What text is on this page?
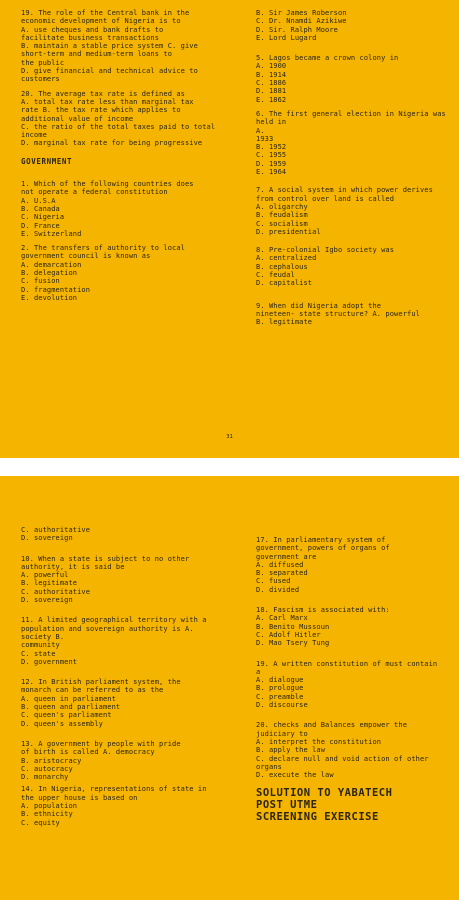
19. The role of the Central bank in the
economic development of Nigeria is to
A. use cheques and bank drafts to
facilitate business transactions
B. maintain a stable price system C. give
short-term and medium-term loans to
the public
D. give financial and technical advice to
customers
20. The average tax rate is defined as
A. total tax rate less than marginal tax
rate B. the tax rate which applies to
additional value of income
C. the ratio of the total taxes paid to total
income
D. marginal tax rate for being progressive
GOVERNMENT
1. Which of the following countries does
not operate a federal constitution
A. U.S.A
B. Canada
C. Nigeria
D. France
E. Switzerland
2. The transfers of authority to local
government council is known as
A. demarcation
B. delegation
C. fusion
D. fragmentation
E. devolution
B. Sir James Roberson
C. Dr. Nnamdi Azikiwe
D. Sir. Ralph Moore
E. Lord Lugard
5. Lagos became a crown colony in
A. 1900
B. 1914
C. 1886
D. 1881
E. 1862
6. The first general election in Nigeria was
held in
A.
1933
B. 1952
C. 1955
D. 1959
E. 1964
7. A social system in which power derives
from control over land is called
A. oligarchy
B. feudalism
C. socialism
D. presidential
8. Pre-colonial Igbo society was
A. centralized
B. cephalous
C. feudal
D. capitalist
9. When did Nigeria adopt the
nineteen- state structure? A. powerful
B. legitimate
31
C. authoritative
D. sovereign
10. When a state is subject to no other
authority, it is said be
A. powerful
B. legitimate
C. authoritative
D. sovereign
11. A limited geographical territory with a
population and sovereign authority is A.
society B.
community
C. state
D. government
12. In British parliament system, the
monarch can be referred to as the
A. queen in parliament
B. queen and parliament
C. queen's parliament
D. queen's assembly
13. A government by people with pride
of birth is called A. democracy
B. aristocracy
C. autocracy
D. monarchy
14. In Nigeria, representations of state in
the upper house is based on
A. population
B. ethnicity
C. equity
17. In parliamentary system of
government, powers of organs of
government are
A. diffused
B. separated
C. fused
D. divided
18. Fascism is associated with:
A. Carl Marx
B. Benito Mussoun
C. Adolf Hitler
D. Mao Tsery Tung
19. A written constitution of must contain
a
A. dialogue
B. prologue
C. preamble
D. discourse
20. checks and Balances empower the
judiciary to
A. interpret the constitution
B. apply the law
C. declare null and void action of other
organs
D. execute the law
SOLUTION TO YABATECH
POST UTME
SCREENING EXERCISE
